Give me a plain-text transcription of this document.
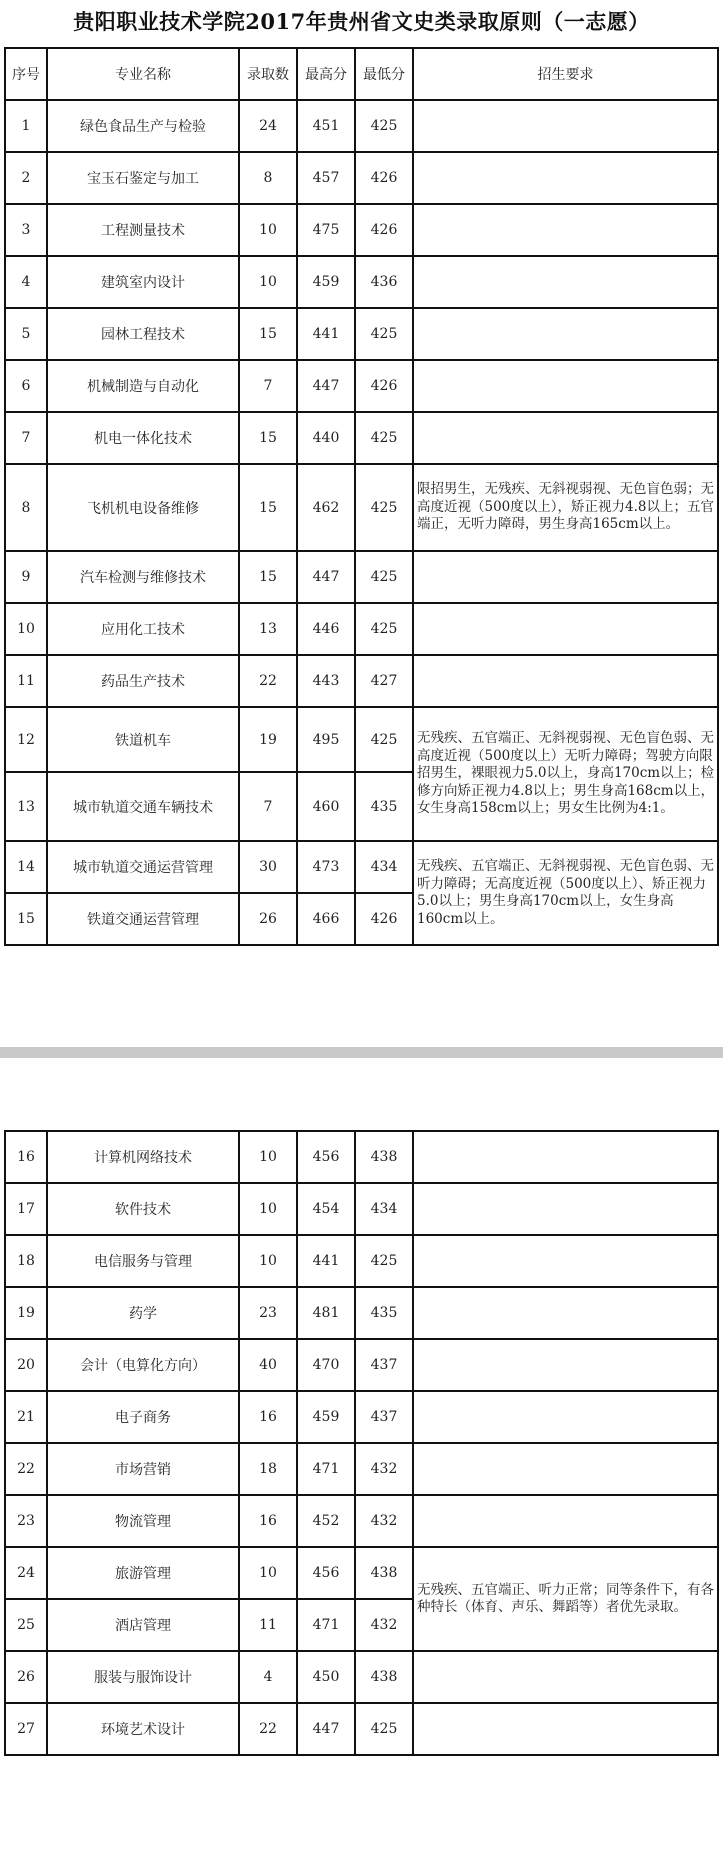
贵阳职业技术学院2017年贵州省文史类录取原则（一志愿）
序号	专业名称	录取数	最高分	最低分	招生要求
1	绿色食品生产与检验	24	451	425	
2	宝玉石鉴定与加工	8	457	426	
3	工程测量技术	10	475	426	
4	建筑室内设计	10	459	436	
5	园林工程技术	15	441	425	
6	机械制造与自动化	7	447	426	
7	机电一体化技术	15	440	425	
8	飞机机电设备维修	15	462	425	限招男生，无残疾、无斜视弱视、无色盲色弱；无高度近视（500度以上），矫正视力4.8以上；五官端正，无听力障碍，男生身高165cm以上。
9	汽车检测与维修技术	15	447	425	
10	应用化工技术	13	446	425	
11	药品生产技术	22	443	427	
12	铁道机车	19	495	425	无残疾、五官端正、无斜视弱视、无色盲色弱、无高度近视（500度以上）无听力障碍；驾驶方向限招男生，裸眼视力5.0以上，身高170cm以上；检修方向矫正视力4.8以上；男生身高168cm以上，女生身高158cm以上；男女生比例为4:1。
13	城市轨道交通车辆技术	7	460	435	
14	城市轨道交通运营管理	30	473	434	无残疾、五官端正、无斜视弱视、无色盲色弱、无听力障碍；无高度近视（500度以上）、矫正视力5.0以上；男生身高170cm以上，女生身高160cm以上。
15	铁道交通运营管理	26	466	426	
16	计算机网络技术	10	456	438	
17	软件技术	10	454	434	
18	电信服务与管理	10	441	425	
19	药学	23	481	435	
20	会计（电算化方向）	40	470	437	
21	电子商务	16	459	437	
22	市场营销	18	471	432	
23	物流管理	16	452	432	
24	旅游管理	10	456	438	无残疾、五官端正、听力正常；同等条件下，有各种特长（体育、声乐、舞蹈等）者优先录取。
25	酒店管理	11	471	432	
26	服装与服饰设计	4	450	438	
27	环境艺术设计	22	447	425	
